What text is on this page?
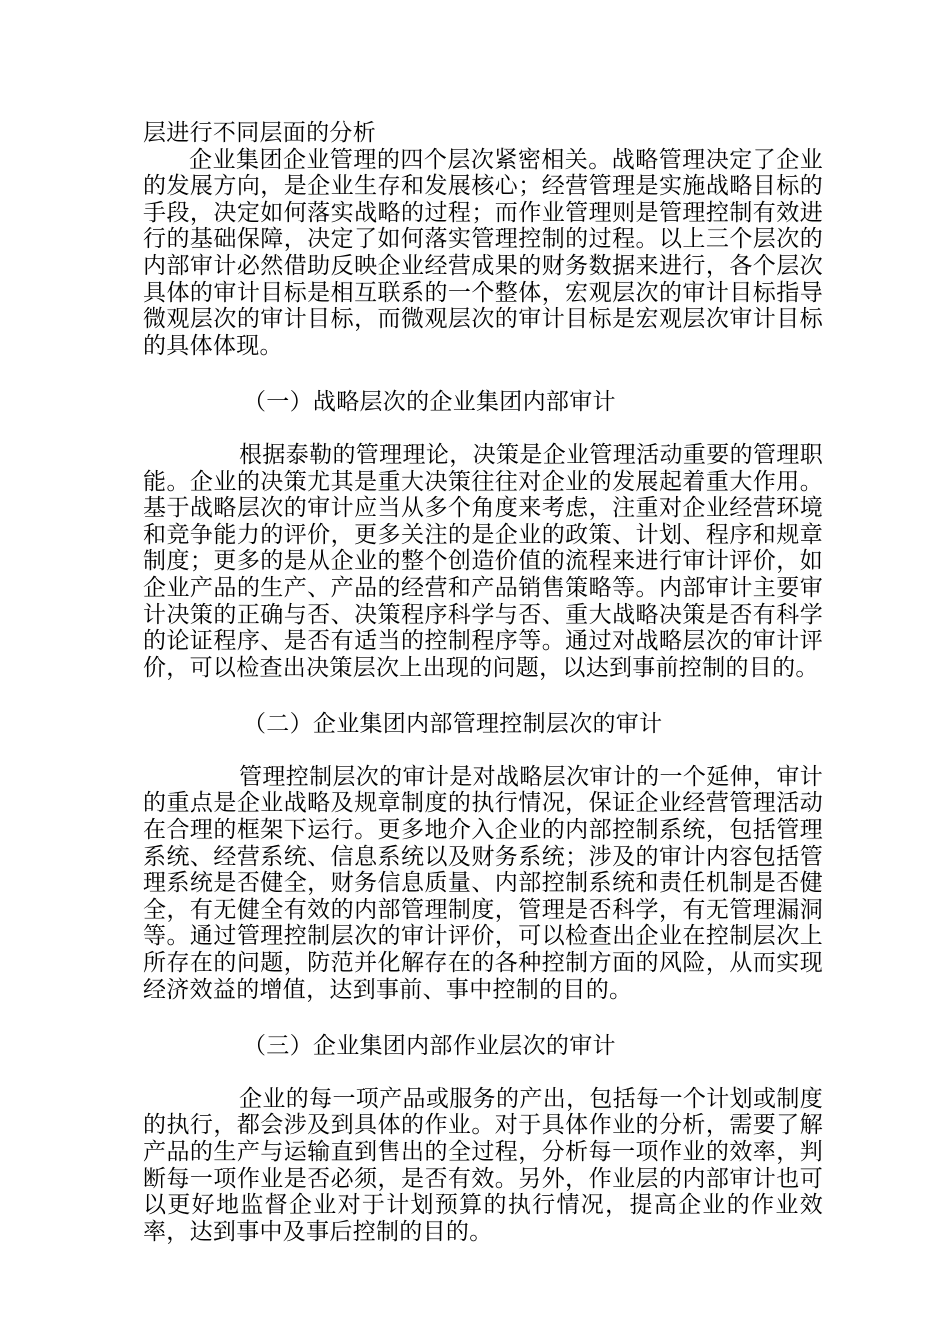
层进行不同层面的分析

企业集团企业管理的四个层次紧密相关。战略管理决定了企业的发展方向，是企业生存和发展核心；经营管理是实施战略目标的手段，决定如何落实战略的过程；而作业管理则是管理控制有效进行的基础保障，决定了如何落实管理控制的过程。以上三个层次的内部审计必然借助反映企业经营成果的财务数据来进行，各个层次具体的审计目标是相互联系的一个整体，宏观层次的审计目标指导微观层次的审计目标，而微观层次的审计目标是宏观层次审计目标的具体体现。

（一）战略层次的企业集团内部审计

根据泰勒的管理理论，决策是企业管理活动重要的管理职能。企业的决策尤其是重大决策往往对企业的发展起着重大作用。基于战略层次的审计应当从多个角度来考虑，注重对企业经营环境和竞争能力的评价，更多关注的是企业的政策、计划、程序和规章制度；更多的是从企业的整个创造价值的流程来进行审计评价，如企业产品的生产、产品的经营和产品销售策略等。内部审计主要审计决策的正确与否、决策程序科学与否、重大战略决策是否有科学的论证程序、是否有适当的控制程序等。通过对战略层次的审计评价，可以检查出决策层次上出现的问题，以达到事前控制的目的。

（二）企业集团内部管理控制层次的审计

管理控制层次的审计是对战略层次审计的一个延伸，审计的重点是企业战略及规章制度的执行情况，保证企业经营管理活动在合理的框架下运行。更多地介入企业的内部控制系统，包括管理系统、经营系统、信息系统以及财务系统；涉及的审计内容包括管理系统是否健全，财务信息质量、内部控制系统和责任机制是否健全，有无健全有效的内部管理制度，管理是否科学，有无管理漏洞等。通过管理控制层次的审计评价，可以检查出企业在控制层次上所存在的问题，防范并化解存在的各种控制方面的风险，从而实现经济效益的增值，达到事前、事中控制的目的。

（三）企业集团内部作业层次的审计

企业的每一项产品或服务的产出，包括每一个计划或制度的执行，都会涉及到具体的作业。对于具体作业的分析，需要了解产品的生产与运输直到售出的全过程，分析每一项作业的效率，判断每一项作业是否必须，是否有效。另外，作业层的内部审计也可以更好地监督企业对于计划预算的执行情况，提高企业的作业效率，达到事中及事后控制的目的。
